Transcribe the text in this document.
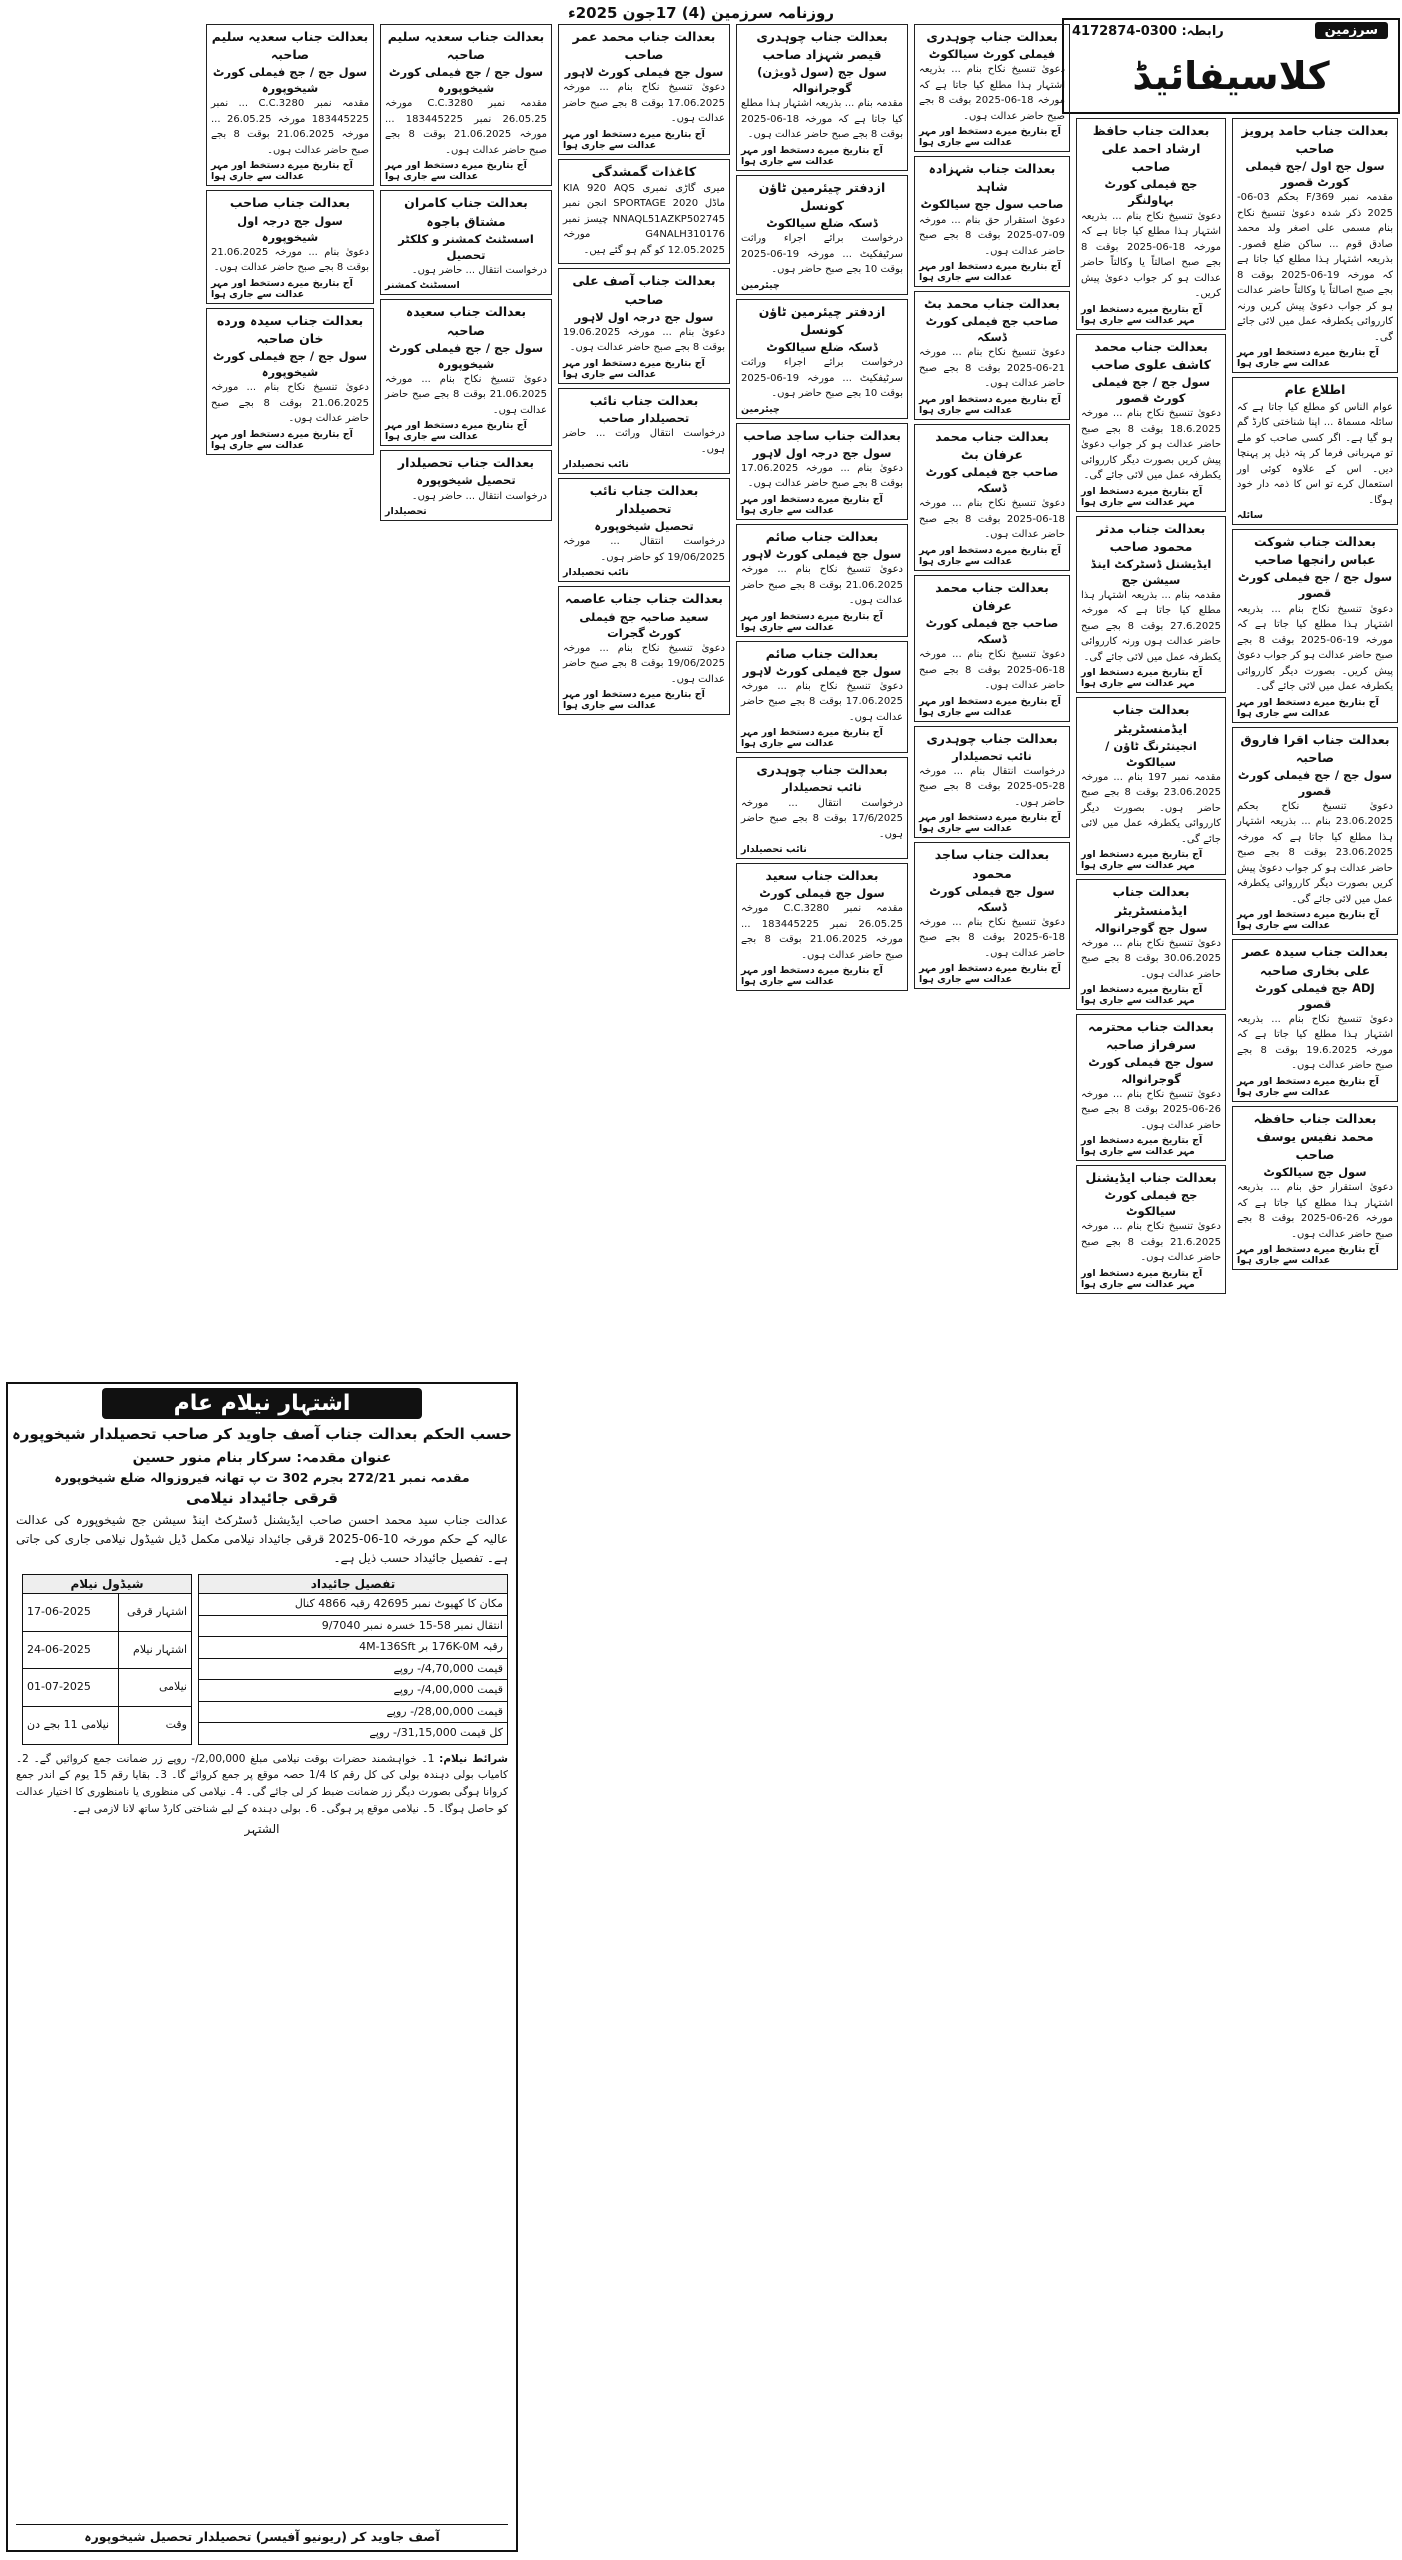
روزنامہ سرزمین (4) 17جون 2025ء
سرزمین
رابطہ: 0300-4172874
کلاسیفائیڈ
بعدالت جناب حامد پرویز صاحب
سول جج اول /جج فیملی کورٹ قصور
مقدمہ نمبر 369/F بحکم 03-06-2025 ذکر شدہ دعویٰ تنسیخ نکاح بنام مسمی علی اصغر ولد محمد صادق قوم ... ساکن ضلع قصور۔ بذریعہ اشتہار ہذا مطلع کیا جاتا ہے کہ مورخہ 19-06-2025 بوقت 8 بجے صبح اصالتاً یا وکالتاً حاضر عدالت ہو کر جواب دعویٰ پیش کریں ورنہ کارروائی یکطرفہ عمل میں لائی جائے گی۔
آج بتاریخ میرے دستخط اور مہر عدالت سے جاری ہوا
اطلاع عام
عوام الناس کو مطلع کیا جاتا ہے کہ سائلہ مسماۃ ... اپنا شناختی کارڈ گم ہو گیا ہے۔ اگر کسی صاحب کو ملے تو مہربانی فرما کر پتہ ذیل پر پہنچا دیں۔ اس کے علاوہ کوئی اور استعمال کرے تو اس کا ذمہ دار خود ہوگا۔
سائلہ
بعدالت جناب شوکت عباس رانجھا صاحب
سول جج / جج فیملی کورٹ قصور
دعویٰ تنسیخ نکاح بنام ... بذریعہ اشتہار ہذا مطلع کیا جاتا ہے کہ مورخہ 19-06-2025 بوقت 8 بجے صبح حاضر عدالت ہو کر جواب دعویٰ پیش کریں۔ بصورت دیگر کارروائی یکطرفہ عمل میں لائی جائے گی۔
آج بتاریخ میرے دستخط اور مہر عدالت سے جاری ہوا
بعدالت جناب اقرا فاروق صاحبہ
سول جج / جج فیملی کورٹ قصور
دعویٰ تنسیخ نکاح بحکم 23.06.2025 بنام ... بذریعہ اشتہار ہذا مطلع کیا جاتا ہے کہ مورخہ 23.06.2025 بوقت 8 بجے صبح حاضر عدالت ہو کر جواب دعویٰ پیش کریں بصورت دیگر کارروائی یکطرفہ عمل میں لائی جائے گی۔
آج بتاریخ میرے دستخط اور مہر عدالت سے جاری ہوا
بعدالت جناب سیدہ عصر علی بخاری صاحبہ
ADJ جج فیملی کورٹ قصور
دعویٰ تنسیخ نکاح بنام ... بذریعہ اشتہار ہذا مطلع کیا جاتا ہے کہ مورخہ 19.6.2025 بوقت 8 بجے صبح حاضر عدالت ہوں۔
آج بتاریخ میرے دستخط اور مہر عدالت سے جاری ہوا
بعدالت جناب حافظہ محمد نفیس یوسف صاحب
سول جج سیالکوٹ
دعویٰ استقرار حق بنام ... بذریعہ اشتہار ہذا مطلع کیا جاتا ہے کہ مورخہ 26-06-2025 بوقت 8 بجے صبح حاضر عدالت ہوں۔
آج بتاریخ میرے دستخط اور مہر عدالت سے جاری ہوا
بعدالت جناب حافظ ارشاد احمد علی صاحب
جج فیملی کورٹ بہاولنگر
دعویٰ تنسیخ نکاح بنام ... بذریعہ اشتہار ہذا مطلع کیا جاتا ہے کہ مورخہ 18-06-2025 بوقت 8 بجے صبح اصالتاً یا وکالتاً حاضر عدالت ہو کر جواب دعویٰ پیش کریں۔
آج بتاریخ میرے دستخط اور مہر عدالت سے جاری ہوا
بعدالت جناب محمد کاشف علوی صاحب
سول جج / جج فیملی کورٹ قصور
دعویٰ تنسیخ نکاح بنام ... مورخہ 18.6.2025 بوقت 8 بجے صبح حاضر عدالت ہو کر جواب دعویٰ پیش کریں بصورت دیگر کارروائی یکطرفہ عمل میں لائی جائے گی۔
آج بتاریخ میرے دستخط اور مہر عدالت سے جاری ہوا
بعدالت جناب مدثر محمود صاحب
ایڈیشنل ڈسٹرکٹ اینڈ سیشن جج
مقدمہ بنام ... بذریعہ اشتہار ہذا مطلع کیا جاتا ہے کہ مورخہ 27.6.2025 بوقت 8 بجے صبح حاضر عدالت ہوں ورنہ کارروائی یکطرفہ عمل میں لائی جائے گی۔
آج بتاریخ میرے دستخط اور مہر عدالت سے جاری ہوا
بعدالت جناب ایڈمنسٹریٹر
انجینئرنگ ٹاؤن / سیالکوٹ
مقدمہ نمبر 197 بنام ... مورخہ 23.06.2025 بوقت 8 بجے صبح حاضر ہوں۔ بصورت دیگر کارروائی یکطرفہ عمل میں لائی جائے گی۔
آج بتاریخ میرے دستخط اور مہر عدالت سے جاری ہوا
بعدالت جناب ایڈمنسٹریٹر
سول جج گوجرانوالہ
دعویٰ تنسیخ نکاح بنام ... مورخہ 30.06.2025 بوقت 8 بجے صبح حاضر عدالت ہوں۔
آج بتاریخ میرے دستخط اور مہر عدالت سے جاری ہوا
بعدالت جناب محترمہ سرفراز صاحبہ
سول جج فیملی کورٹ گوجرانوالہ
دعویٰ تنسیخ نکاح بنام ... مورخہ 26-06-2025 بوقت 8 بجے صبح حاضر عدالت ہوں۔
آج بتاریخ میرے دستخط اور مہر عدالت سے جاری ہوا
بعدالت جناب ایڈیشنل
جج فیملی کورٹ سیالکوٹ
دعویٰ تنسیخ نکاح بنام ... مورخہ 21.6.2025 بوقت 8 بجے صبح حاضر عدالت ہوں۔
آج بتاریخ میرے دستخط اور مہر عدالت سے جاری ہوا
بعدالت جناب چوہدری
فیملی کورٹ سیالکوٹ
دعویٰ تنسیخ نکاح بنام ... بذریعہ اشتہار ہذا مطلع کیا جاتا ہے کہ مورخہ 18-06-2025 بوقت 8 بجے صبح حاضر عدالت ہوں۔
آج بتاریخ میرے دستخط اور مہر عدالت سے جاری ہوا
بعدالت جناب شہزادہ شاہد
صاحب سول جج سیالکوٹ
دعویٰ استقرار حق بنام ... مورخہ 09-07-2025 بوقت 8 بجے صبح حاضر عدالت ہوں۔
آج بتاریخ میرے دستخط اور مہر عدالت سے جاری ہوا
بعدالت جناب محمد بٹ
صاحب جج فیملی کورٹ ڈسکہ
دعویٰ تنسیخ نکاح بنام ... مورخہ 21-06-2025 بوقت 8 بجے صبح حاضر عدالت ہوں۔
آج بتاریخ میرے دستخط اور مہر عدالت سے جاری ہوا
بعدالت جناب محمد عرفان بٹ
صاحب جج فیملی کورٹ ڈسکہ
دعویٰ تنسیخ نکاح بنام ... مورخہ 18-06-2025 بوقت 8 بجے صبح حاضر عدالت ہوں۔
آج بتاریخ میرے دستخط اور مہر عدالت سے جاری ہوا
بعدالت جناب محمد عرفان
صاحب جج فیملی کورٹ ڈسکہ
دعویٰ تنسیخ نکاح بنام ... مورخہ 18-06-2025 بوقت 8 بجے صبح حاضر عدالت ہوں۔
آج بتاریخ میرے دستخط اور مہر عدالت سے جاری ہوا
بعدالت جناب چوہدری
نائب تحصیلدار
درخواست انتقال بنام ... مورخہ 28-05-2025 بوقت 8 بجے صبح حاضر ہوں۔
آج بتاریخ میرے دستخط اور مہر عدالت سے جاری ہوا
بعدالت جناب ساجد محمود
سول جج فیملی کورٹ ڈسکہ
دعویٰ تنسیخ نکاح بنام ... مورخہ 18-6-2025 بوقت 8 بجے صبح حاضر عدالت ہوں۔
آج بتاریخ میرے دستخط اور مہر عدالت سے جاری ہوا
بعدالت جناب چوہدری قیصر شہزاد صاحب
سول جج (سول ڈویژن) گوجرانوالہ
مقدمہ بنام ... بذریعہ اشتہار ہذا مطلع کیا جاتا ہے کہ مورخہ 18-06-2025 بوقت 8 بجے صبح حاضر عدالت ہوں۔
آج بتاریخ میرے دستخط اور مہر عدالت سے جاری ہوا
ازدفتر چیئرمین ٹاؤن کونسل
ڈسکہ ضلع سیالکوٹ
درخواست برائے اجراء وراثت سرٹیفکیٹ ... مورخہ 19-06-2025 بوقت 10 بجے صبح حاضر ہوں۔
چیئرمین
ازدفتر چیئرمین ٹاؤن کونسل
ڈسکہ ضلع سیالکوٹ
درخواست برائے اجراء وراثت سرٹیفکیٹ ... مورخہ 19-06-2025 بوقت 10 بجے صبح حاضر ہوں۔
چیئرمین
بعدالت جناب ساجد صاحب
سول جج درجہ اول لاہور
دعویٰ بنام ... مورخہ 17.06.2025 بوقت 8 بجے صبح حاضر عدالت ہوں۔
آج بتاریخ میرے دستخط اور مہر عدالت سے جاری ہوا
بعدالت جناب صائم
سول جج فیملی کورٹ لاہور
دعویٰ تنسیخ نکاح بنام ... مورخہ 21.06.2025 بوقت 8 بجے صبح حاضر عدالت ہوں۔
آج بتاریخ میرے دستخط اور مہر عدالت سے جاری ہوا
بعدالت جناب صائم
سول جج فیملی کورٹ لاہور
دعویٰ تنسیخ نکاح بنام ... مورخہ 17.06.2025 بوقت 8 بجے صبح حاضر عدالت ہوں۔
آج بتاریخ میرے دستخط اور مہر عدالت سے جاری ہوا
بعدالت جناب چوہدری
نائب تحصیلدار
درخواست انتقال ... مورخہ 17/6/2025 بوقت 8 بجے صبح حاضر ہوں۔
نائب تحصیلدار
بعدالت جناب سعید
سول جج فیملی کورٹ
مقدمہ نمبر C.C.3280 مورخہ 26.05.25 نمبر 183445225 ... مورخہ 21.06.2025 بوقت 8 بجے صبح حاضر عدالت ہوں۔
آج بتاریخ میرے دستخط اور مہر عدالت سے جاری ہوا
بعدالت جناب محمد عمر صاحب
سول جج فیملی کورٹ لاہور
دعویٰ تنسیخ نکاح بنام ... مورخہ 17.06.2025 بوقت 8 بجے صبح حاضر عدالت ہوں۔
آج بتاریخ میرے دستخط اور مہر عدالت سے جاری ہوا
کاغذات گمشدگی
میری گاڑی نمبری KIA 920 AQS ماڈل 2020 SPORTAGE انجن نمبر NNAQL51AZKP502745 چیسز نمبر G4NALH310176 مورخہ 12.05.2025 کو گم ہو گئے ہیں۔
بعدالت جناب آصف علی صاحب
سول جج درجہ اول لاہور
دعویٰ بنام ... مورخہ 19.06.2025 بوقت 8 بجے صبح حاضر عدالت ہوں۔
آج بتاریخ میرے دستخط اور مہر عدالت سے جاری ہوا
بعدالت جناب نائب
تحصیلدار صاحب
درخواست انتقال وراثت ... حاضر ہوں۔
نائب تحصیلدار
بعدالت جناب نائب تحصیلدار
تحصیل شیخوپورہ
درخواست انتقال ... مورخہ 19/06/2025 کو حاضر ہوں۔
نائب تحصیلدار
بعدالت جناب جناب عاصمہ
سعید صاحبہ جج فیملی کورٹ گجرات
دعویٰ تنسیخ نکاح بنام ... مورخہ 19/06/2025 بوقت 8 بجے صبح حاضر عدالت ہوں۔
آج بتاریخ میرے دستخط اور مہر عدالت سے جاری ہوا
بعدالت جناب سعدیہ سلیم صاحبہ
سول جج / جج فیملی کورٹ شیخوپورہ
مقدمہ نمبر C.C.3280 مورخہ 26.05.25 نمبر 183445225 ... مورخہ 21.06.2025 بوقت 8 بجے صبح حاضر عدالت ہوں۔
آج بتاریخ میرے دستخط اور مہر عدالت سے جاری ہوا
بعدالت جناب کامران مشتاق باجوہ
اسسٹنٹ کمشنر و کلکٹر تحصیل
درخواست انتقال ... حاضر ہوں۔
اسسٹنٹ کمشنر
بعدالت جناب سعیدہ صاحبہ
سول جج / جج فیملی کورٹ شیخوپورہ
دعویٰ تنسیخ نکاح بنام ... مورخہ 21.06.2025 بوقت 8 بجے صبح حاضر عدالت ہوں۔
آج بتاریخ میرے دستخط اور مہر عدالت سے جاری ہوا
بعدالت جناب تحصیلدار
تحصیل شیخوپورہ
درخواست انتقال ... حاضر ہوں۔
تحصیلدار
بعدالت جناب سعدیہ سلیم صاحبہ
سول جج / جج فیملی کورٹ شیخوپورہ
مقدمہ نمبر C.C.3280 ... نمبر 183445225 مورخہ 26.05.25 ... مورخہ 21.06.2025 بوقت 8 بجے صبح حاضر عدالت ہوں۔
آج بتاریخ میرے دستخط اور مہر عدالت سے جاری ہوا
بعدالت جناب صاحب
سول جج درجہ اول شیخوپورہ
دعویٰ بنام ... مورخہ 21.06.2025 بوقت 8 بجے صبح حاضر عدالت ہوں۔
آج بتاریخ میرے دستخط اور مہر عدالت سے جاری ہوا
بعدالت جناب سیدہ ورده خان صاحبہ
سول جج / جج فیملی کورٹ شیخوپورہ
دعویٰ تنسیخ نکاح بنام ... مورخہ 21.06.2025 بوقت 8 بجے صبح حاضر عدالت ہوں۔
آج بتاریخ میرے دستخط اور مہر عدالت سے جاری ہوا
اشتہار نیلام عام
حسب الحکم بعدالت جناب آصف جاوید کر صاحب تحصیلدار شیخوپورہ
عنوان مقدمہ: سرکار بنام منور حسین
مقدمہ نمبر 272/21 بجرم 302 ت پ تھانہ فیروزوالہ ضلع شیخوپورہ
قرقی جائیداد نیلامی
عدالت جناب سید محمد احسن صاحب ایڈیشنل ڈسٹرکٹ اینڈ سیشن جج شیخوپورہ کی عدالت عالیہ کے حکم مورخہ 10-06-2025 قرقی جائیداد نیلامی مکمل ڈیل شیڈول نیلامی جاری کی جاتی ہے۔ تفصیل جائیداد حسب ذیل ہے۔
تفصیل جائیداد
مکان کا کھیوٹ نمبر 42695 رقبہ 4866 کنال
انتقال نمبر 58-15 خسرہ نمبر 9/7040
رقبہ 176K-0M بر 4M-136Sft
قیمت 4,70,000/- روپے
قیمت 4,00,000/- روپے
قیمت 28,00,000/- روپے
کل قیمت 31,15,000/- روپے
شیڈول نیلام	
اشتہار قرقی	17-06-2025
اشتہار نیلام	24-06-2025
نیلامی	01-07-2025
وقت	نیلامی 11 بجے دن
شرائط نیلام: 1۔ خواہشمند حضرات بوقت نیلامی مبلغ 2,00,000/- روپے زر ضمانت جمع کروائیں گے۔ 2۔ کامیاب بولی دہندہ بولی کی کل رقم کا 1/4 حصہ موقع پر جمع کروائے گا۔ 3۔ بقایا رقم 15 یوم کے اندر جمع کروانا ہوگی بصورت دیگر زر ضمانت ضبط کر لی جائے گی۔ 4۔ نیلامی کی منظوری یا نامنظوری کا اختیار عدالت کو حاصل ہوگا۔ 5۔ نیلامی موقع پر ہوگی۔ 6۔ بولی دہندہ کے لیے شناختی کارڈ ساتھ لانا لازمی ہے۔
الشتہر
آصف جاوید کر (ریونیو آفیسر) تحصیلدار تحصیل شیخوپورہ
